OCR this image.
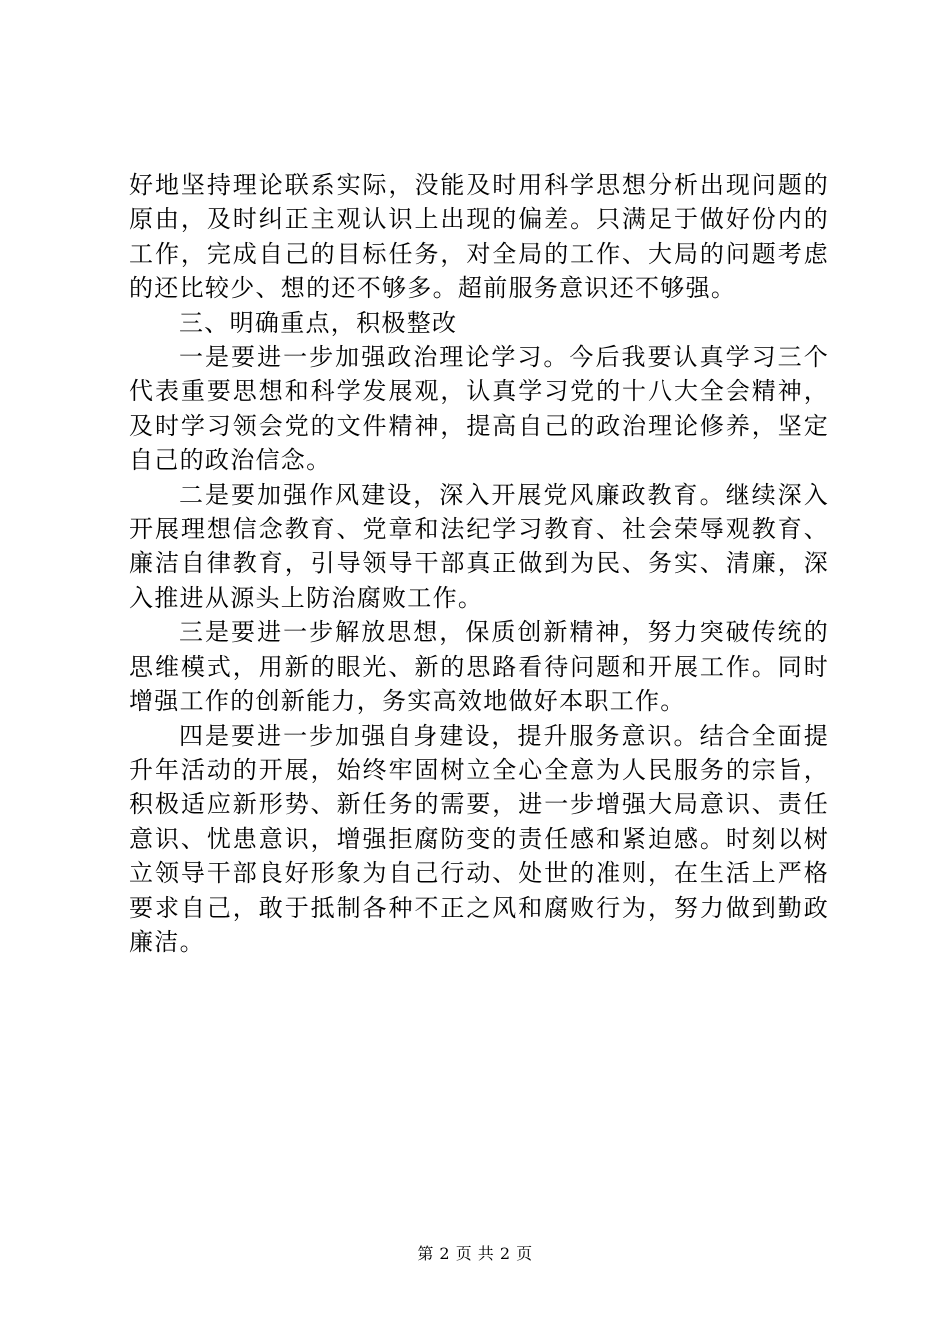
好地坚持理论联系实际，没能及时用科学思想分析出现问题的原由，及时纠正主观认识上出现的偏差。只满足于做好份内的工作，完成自己的目标任务，对全局的工作、大局的问题考虑的还比较少、想的还不够多。超前服务意识还不够强。

三、明确重点，积极整改

一是要进一步加强政治理论学习。今后我要认真学习三个代表重要思想和科学发展观，认真学习党的十八大全会精神，及时学习领会党的文件精神，提高自己的政治理论修养，坚定自己的政治信念。

二是要加强作风建设，深入开展党风廉政教育。继续深入开展理想信念教育、党章和法纪学习教育、社会荣辱观教育、廉洁自律教育，引导领导干部真正做到为民、务实、清廉，深入推进从源头上防治腐败工作。

三是要进一步解放思想，保质创新精神，努力突破传统的思维模式，用新的眼光、新的思路看待问题和开展工作。同时增强工作的创新能力，务实高效地做好本职工作。

四是要进一步加强自身建设，提升服务意识。结合全面提升年活动的开展，始终牢固树立全心全意为人民服务的宗旨，积极适应新形势、新任务的需要，进一步增强大局意识、责任意识、忧患意识，增强拒腐防变的责任感和紧迫感。时刻以树立领导干部良好形象为自己行动、处世的准则，在生活上严格要求自己，敢于抵制各种不正之风和腐败行为，努力做到勤政廉洁。

第 2 页 共 2 页
